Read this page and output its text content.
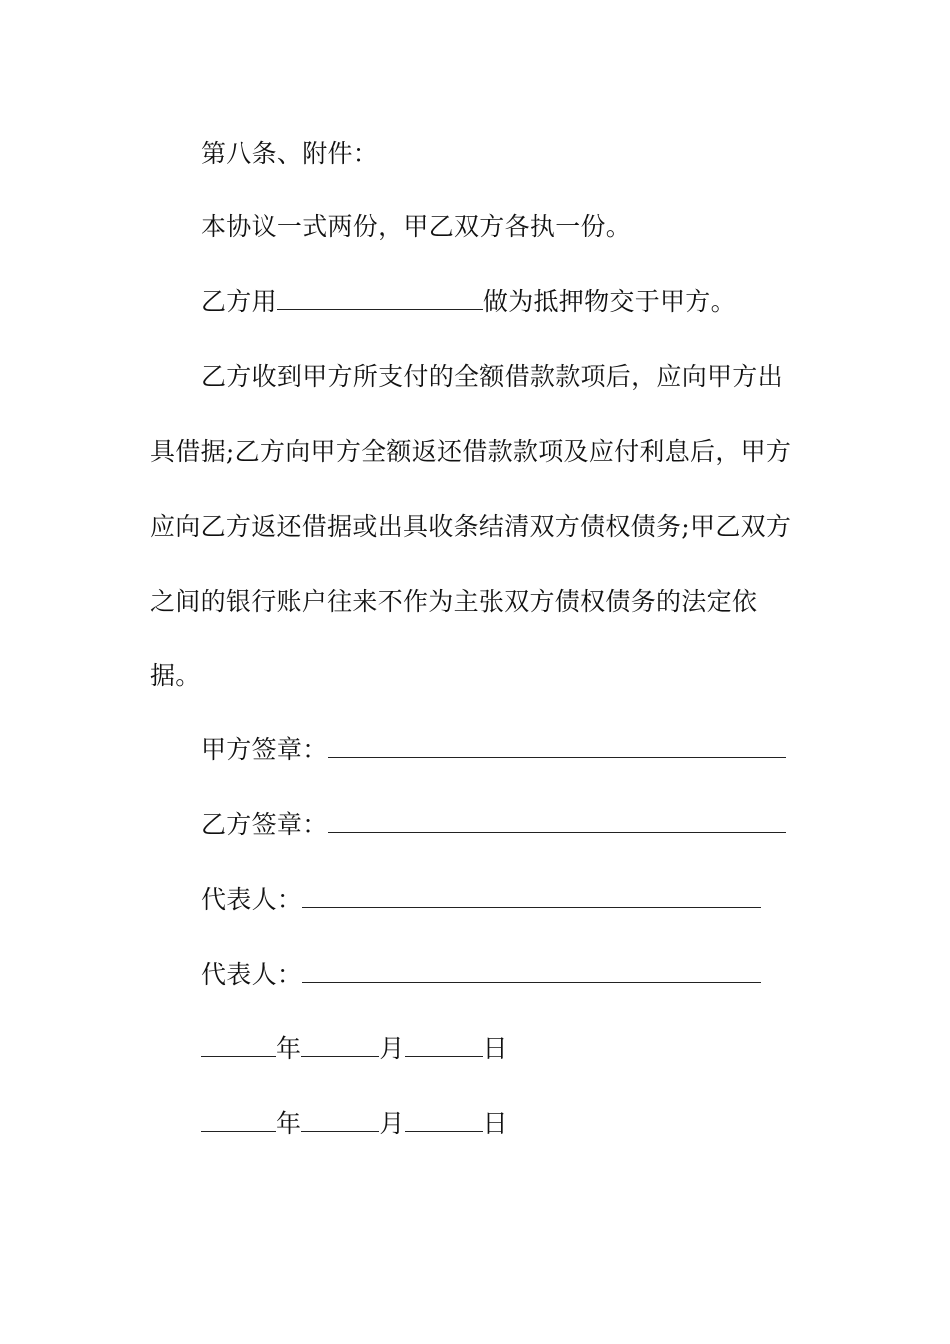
第八条、附件：
本协议一式两份，甲乙双方各执一份。
乙方用	做为抵押物交于甲方。
乙方收到甲方所支付的全额借款款项后，应向甲方出
具借据;乙方向甲方全额返还借款款项及应付利息后，甲方
应向乙方返还借据或出具收条结清双方债权债务;甲乙双方
之间的银行账户往来不作为主张双方债权债务的法定依
据。
甲方签章：
乙方签章：
代表人：
代表人：
年	月	日
年	月	日
